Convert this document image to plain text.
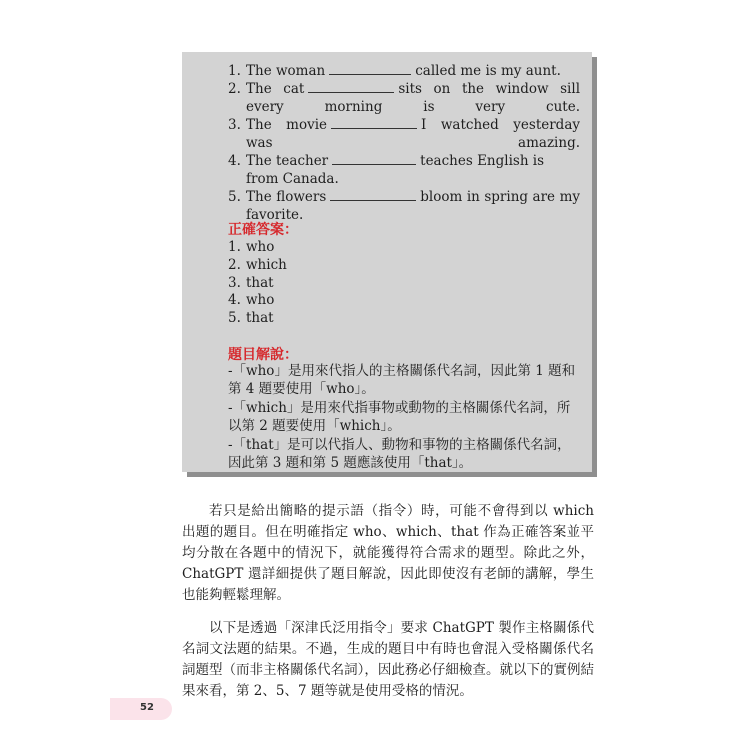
1. The woman	called me is my aunt.
2. The cat	sits on the window sill every morning is very cute.
3. The movie	I watched yesterday was amazing.
4. The teacher	teaches English is from Canada.
5. The flowers	bloom in spring are my favorite.
正確答案：
1. who
2. which
3. that
4. who
5. that
題目解說：

-「who」是用來代指人的主格關係代名詞，因此第 1 題和第 4 題要使用「who」。

-「which」是用來代指事物或動物的主格關係代名詞，所以第 2 題要使用「which」。

-「that」是可以代指人、動物和事物的主格關係代名詞，因此第 3 題和第 5 題應該使用「that」。

若只是給出簡略的提示語（指令）時，可能不會得到以 which 出題的題目。但在明確指定 who、which、that 作為正確答案並平均分散在各題中的情況下，就能獲得符合需求的題型。除此之外，ChatGPT 還詳細提供了題目解說，因此即使沒有老師的講解，學生也能夠輕鬆理解。

以下是透過「深津氏泛用指令」要求 ChatGPT 製作主格關係代名詞文法題的結果。不過，生成的題目中有時也會混入受格關係代名詞題型（而非主格關係代名詞），因此務必仔細檢查。就以下的實例結果來看，第 2、5、7 題等就是使用受格的情況。

52
